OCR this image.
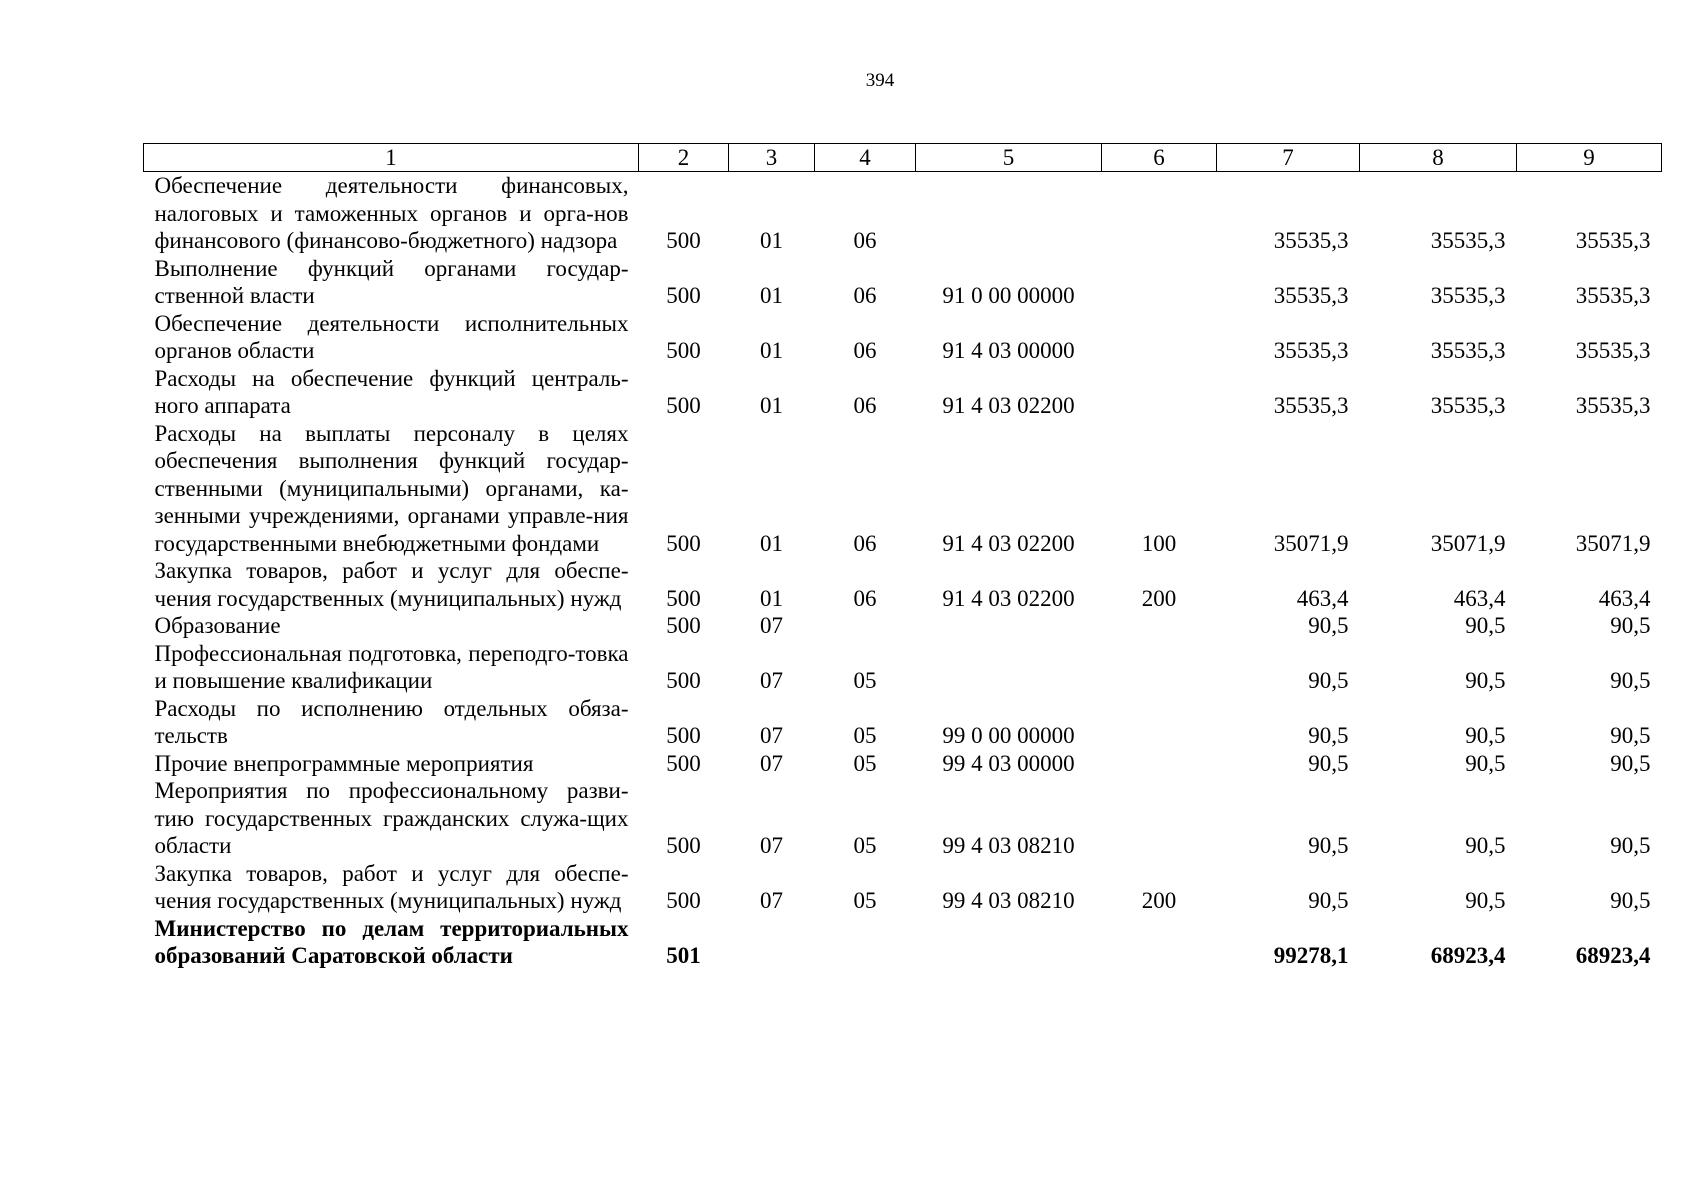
394
1	2	3	4	5	6	7	8	9
Обеспечение деятельности финансовых, налоговых и таможенных органов и орга-нов финансового (финансово-бюджетного) надзора	500	01	06			35535,3	35535,3	35535,3
Выполнение функций органами государ-ственной власти	500	01	06	91 0 00 00000		35535,3	35535,3	35535,3
Обеспечение деятельности исполнительных органов области	500	01	06	91 4 03 00000		35535,3	35535,3	35535,3
Расходы на обеспечение функций централь-ного аппарата	500	01	06	91 4 03 02200		35535,3	35535,3	35535,3
Расходы на выплаты персоналу в целях обеспечения выполнения функций государ-ственными (муниципальными) органами, ка-зенными учреждениями, органами управле-ния государственными внебюджетными фондами	500	01	06	91 4 03 02200	100	35071,9	35071,9	35071,9
Закупка товаров, работ и услуг для обеспе-чения государственных (муниципальных) нужд	500	01	06	91 4 03 02200	200	463,4	463,4	463,4
Образование	500	07				90,5	90,5	90,5
Профессиональная подготовка, переподго-товка и повышение квалификации	500	07	05			90,5	90,5	90,5
Расходы по исполнению отдельных обяза-тельств	500	07	05	99 0 00 00000		90,5	90,5	90,5
Прочие внепрограммные мероприятия	500	07	05	99 4 03 00000		90,5	90,5	90,5
Мероприятия по профессиональному разви-тию государственных гражданских служа-щих области	500	07	05	99 4 03 08210		90,5	90,5	90,5
Закупка товаров, работ и услуг для обеспе-чения государственных (муниципальных) нужд	500	07	05	99 4 03 08210	200	90,5	90,5	90,5
Министерство по делам территориальных образований Саратовской области	501					99278,1	68923,4	68923,4
